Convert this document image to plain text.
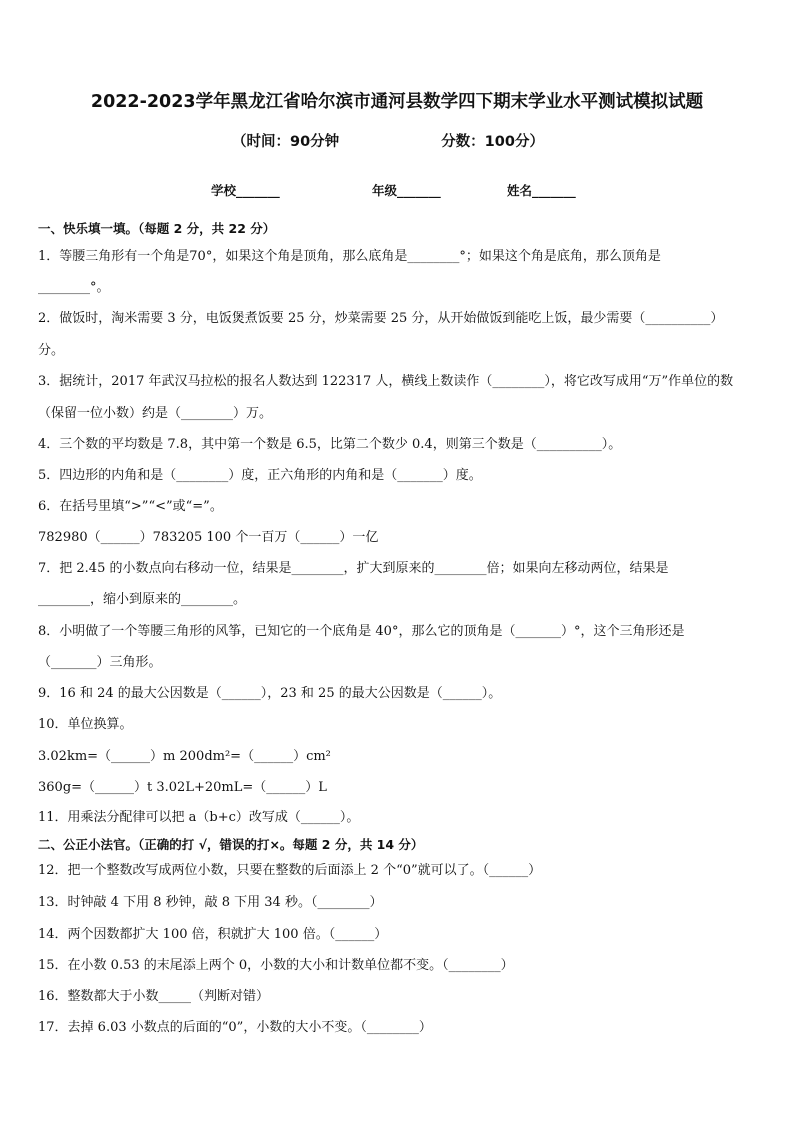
2022-2023学年黑龙江省哈尔滨市通河县数学四下期末学业水平测试模拟试题
（时间：90分钟	分数：100分）
学校_______	年级_______	姓名_______
一、快乐填一填。（每题 2 分，共 22 分）
1．等腰三角形有一个角是70°，如果这个角是顶角，那么底角是________°；如果这个角是底角，那么顶角是
________°。
2．做饭时，淘米需要 3 分，电饭煲煮饭要 25 分，炒菜需要 25 分，从开始做饭到能吃上饭，最少需要（__________）
分。
3．据统计，2017 年武汉马拉松的报名人数达到 122317 人，横线上数读作（________），将它改写成用“万”作单位的数
（保留一位小数）约是（________）万。
4．三个数的平均数是 7.8，其中第一个数是 6.5，比第二个数少 0.4，则第三个数是（__________）。
5．四边形的内角和是（________）度，正六角形的内角和是（_______）度。
6．在括号里填“>”“<”或“=”。
782980（______）783205 100 个一百万（______）一亿
7．把 2.45 的小数点向右移动一位，结果是________，扩大到原来的________倍；如果向左移动两位，结果是
________，缩小到原来的________。
8．小明做了一个等腰三角形的风筝，已知它的一个底角是 40°，那么它的顶角是（_______）°，这个三角形还是
（_______）三角形。
9．16 和 24 的最大公因数是（______），23 和 25 的最大公因数是（______）。
10．单位换算。
3.02km=（______）m 200dm²=（______）cm²
360g=（______）t 3.02L+20mL=（______）L
11．用乘法分配律可以把 a（b+c）改写成（______）。
二、公正小法官。（正确的打 √，错误的打×。每题 2 分，共 14 分）
12．把一个整数改写成两位小数，只要在整数的后面添上 2 个“0”就可以了。（______）
13．时钟敲 4 下用 8 秒钟，敲 8 下用 34 秒。（________）
14．两个因数都扩大 100 倍，积就扩大 100 倍。（______）
15．在小数 0.53 的末尾添上两个 0，小数的大小和计数单位都不变。（________）
16．整数都大于小数_____（判断对错）
17．去掉 6.03 小数点的后面的“0”，小数的大小不变。（________）
